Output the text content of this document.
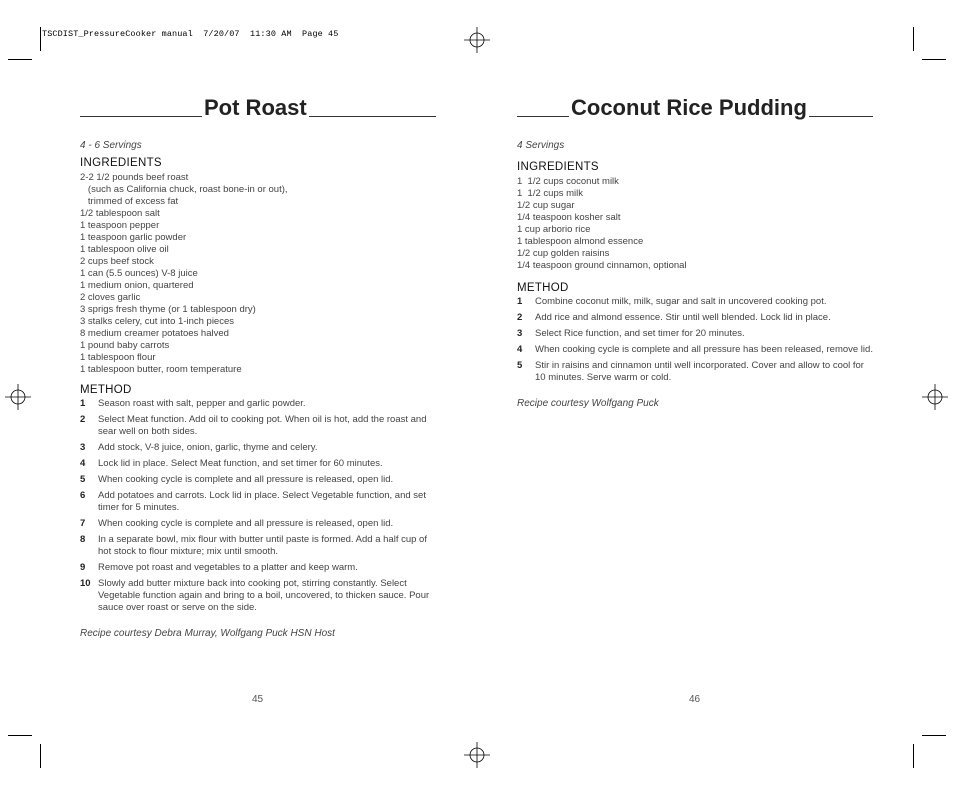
TSCDIST_PressureCooker manual  7/20/07  11:30 AM  Page 45
Pot Roast
4 - 6 Servings
INGREDIENTS
2-2 1/2 pounds beef roast
(such as California chuck, roast bone-in or out),
trimmed of excess fat
1/2 tablespoon salt
1 teaspoon pepper
1 teaspoon garlic powder
1 tablespoon olive oil
2 cups beef stock
1 can (5.5 ounces) V-8 juice
1 medium onion, quartered
2 cloves garlic
3 sprigs fresh thyme (or 1 tablespoon dry)
3 stalks celery, cut into 1-inch pieces
8 medium creamer potatoes halved
1 pound baby carrots
1 tablespoon flour
1 tablespoon butter, room temperature
METHOD
1	Season roast with salt, pepper and garlic powder.
2	Select Meat function. Add oil to cooking pot. When oil is hot, add the roast and sear well on both sides.
3	Add stock, V-8 juice, onion, garlic, thyme and celery.
4	Lock lid in place. Select Meat function, and set timer for 60 minutes.
5	When cooking cycle is complete and all pressure is released, open lid.
6	Add potatoes and carrots. Lock lid in place. Select Vegetable function, and set timer for 5 minutes.
7	When cooking cycle is complete and all pressure is released, open lid.
8	In a separate bowl, mix flour with butter until paste is formed. Add a half cup of hot stock to flour mixture; mix until smooth.
9	Remove pot roast and vegetables to a platter and keep warm.
10 Slowly add butter mixture back into cooking pot, stirring constantly. Select Vegetable function again and bring to a boil, uncovered, to thicken sauce. Pour sauce over roast or serve on the side.
Recipe courtesy Debra Murray, Wolfgang Puck HSN Host
45
Coconut Rice Pudding
4 Servings
INGREDIENTS
1  1/2 cups coconut milk
1  1/2 cups milk
1/2 cup sugar
1/4 teaspoon kosher salt
1 cup arborio rice
1 tablespoon almond essence
1/2 cup golden raisins
1/4 teaspoon ground cinnamon, optional
METHOD
1	Combine coconut milk, milk, sugar and salt in uncovered cooking pot.
2	Add rice and almond essence. Stir until well blended. Lock lid in place.
3	Select Rice function, and set timer for 20 minutes.
4	When cooking cycle is complete and all pressure has been released, remove lid.
5	Stir in raisins and cinnamon until well incorporated. Cover and allow to cool for 10 minutes. Serve warm or cold.
Recipe courtesy Wolfgang Puck
46
